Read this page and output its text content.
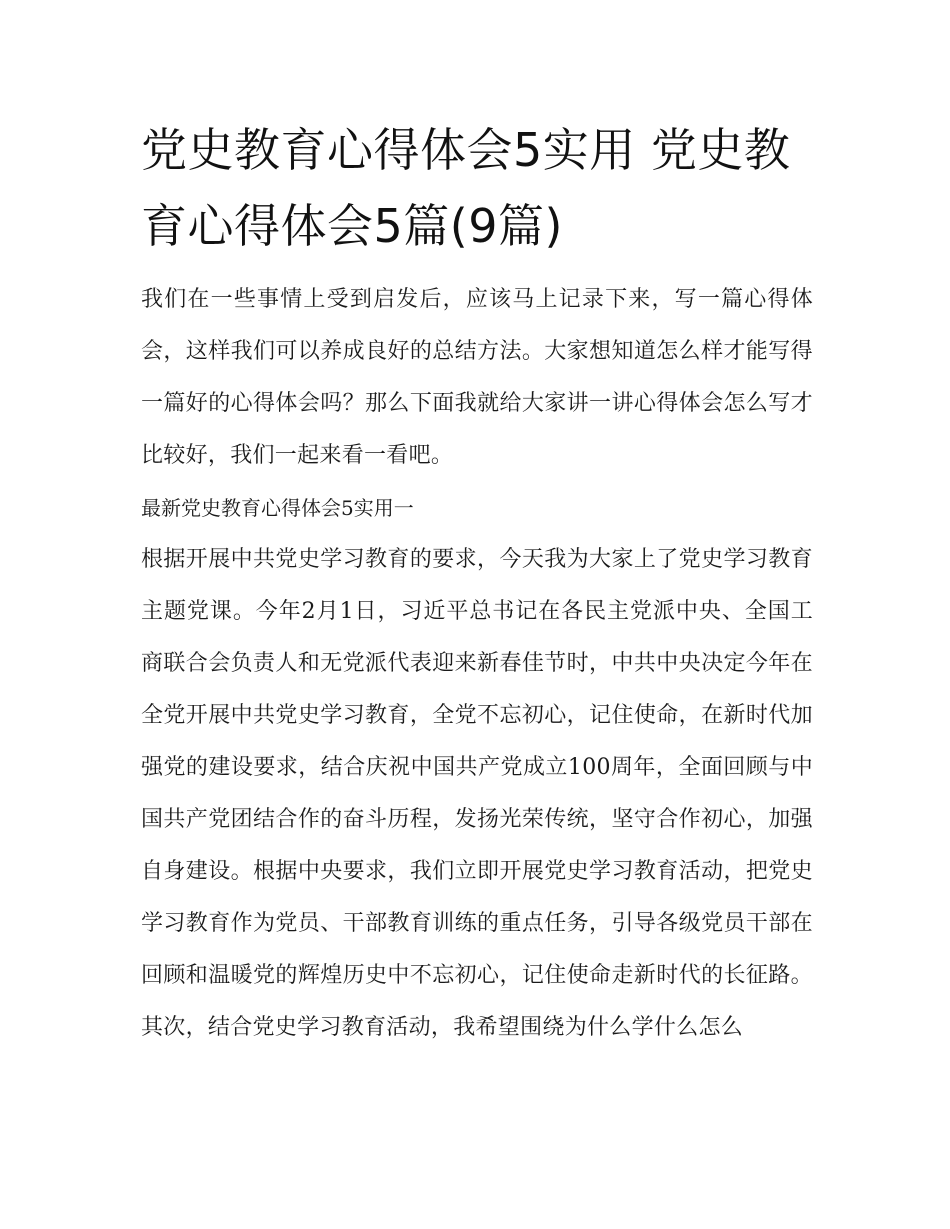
党史教育心得体会5实用 党史教育心得体会5篇(9篇)

我们在一些事情上受到启发后，应该马上记录下来，写一篇心得体会，这样我们可以养成良好的总结方法。大家想知道怎么样才能写得一篇好的心得体会吗？那么下面我就给大家讲一讲心得体会怎么写才比较好，我们一起来看一看吧。

最新党史教育心得体会5实用一

根据开展中共党史学习教育的要求，今天我为大家上了党史学习教育主题党课。今年2月1日，习近平总书记在各民主党派中央、全国工商联合会负责人和无党派代表迎来新春佳节时，中共中央决定今年在全党开展中共党史学习教育，全党不忘初心，记住使命，在新时代加强党的建设要求，结合庆祝中国共产党成立100周年，全面回顾与中国共产党团结合作的奋斗历程，发扬光荣传统，坚守合作初心，加强自身建设。根据中央要求，我们立即开展党史学习教育活动，把党史学习教育作为党员、干部教育训练的重点任务，引导各级党员干部在回顾和温暖党的辉煌历史中不忘初心，记住使命走新时代的长征路。其次，结合党史学习教育活动，我希望围绕为什么学什么怎么
